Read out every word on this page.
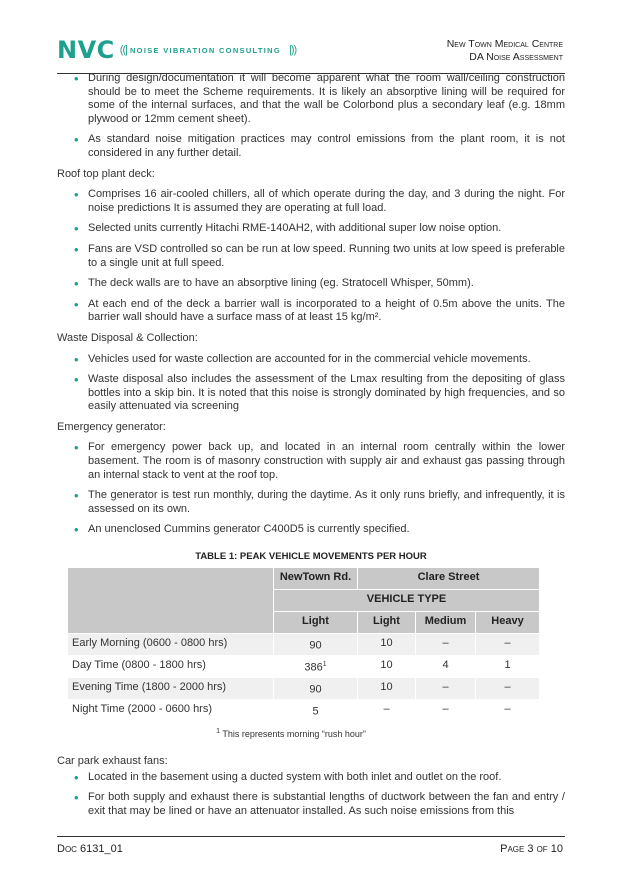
NVC ((| NOISE VIBRATION CONSULTING |))	New Town Medical Centre
DA Noise Assessment
• During design/documentation it will become apparent what the room wall/ceiling construction should be to meet the Scheme requirements. It is likely an absorptive lining will be required for some of the internal surfaces, and that the wall be Colorbond plus a secondary leaf (e.g. 18mm plywood or 12mm cement sheet).
• As standard noise mitigation practices may control emissions from the plant room, it is not considered in any further detail.
Roof top plant deck:
• Comprises 16 air-cooled chillers, all of which operate during the day, and 3 during the night. For noise predictions It is assumed they are operating at full load.
• Selected units currently Hitachi RME-140AH2, with additional super low noise option.
• Fans are VSD controlled so can be run at low speed. Running two units at low speed is preferable to a single unit at full speed.
• The deck walls are to have an absorptive lining (eg. Stratocell Whisper, 50mm).
• At each end of the deck a barrier wall is incorporated to a height of 0.5m above the units. The barrier wall should have a surface mass of at least 15 kg/m².
Waste Disposal & Collection:
• Vehicles used for waste collection are accounted for in the commercial vehicle movements.
• Waste disposal also includes the assessment of the Lmax resulting from the depositing of glass bottles into a skip bin. It is noted that this noise is strongly dominated by high frequencies, and so easily attenuated via screening
Emergency generator:
• For emergency power back up, and located in an internal room centrally within the lower basement. The room is of masonry construction with supply air and exhaust gas passing through an internal stack to vent at the roof top.
• The generator is test run monthly, during the daytime. As it only runs briefly, and infrequently, it is assessed on its own.
• An unenclosed Cummins generator C400D5 is currently specified.
TABLE 1: PEAK VEHICLE MOVEMENTS PER HOUR
	NewTown Rd.	Clare Street		
	VEHICLE TYPE			
	Light	Light	Medium	Heavy
Early Morning (0600 - 0800 hrs)	90	10	–	–
Day Time (0800 - 1800 hrs)	$386^1$	10	4	1
Evening Time (1800 - 2000 hrs)	90	10	–	–
Night Time (2000 - 0600 hrs)	5	–	–	–
$^1$ This represents morning “rush hour”
Car park exhaust fans:
• Located in the basement using a ducted system with both inlet and outlet on the roof.
• For both supply and exhaust there is substantial lengths of ductwork between the fan and entry / exit that may be lined or have an attenuator installed. As such noise emissions from this
Doc 6131_01	Page 3 of 10
